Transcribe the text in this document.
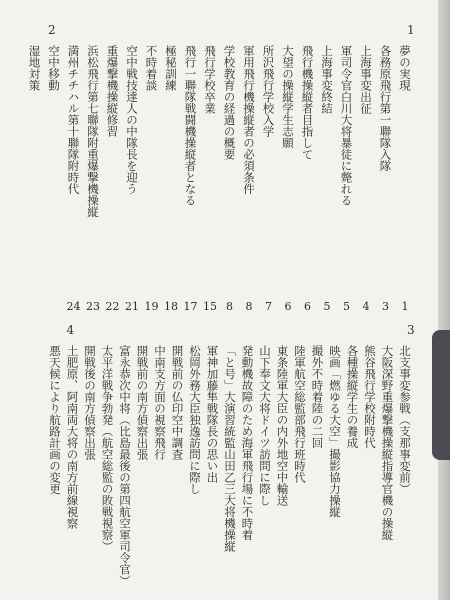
夢の実現
1
各務原飛行第一聯隊入隊
3
上海事変出征
4
軍司令官白川大将暴徒に斃れる
5
上海事変終結
5
飛行機操縦者目指して
6
大望の操縦学生志願
6
所沢飛行学校入学
7
軍用飛行機操縦者の必須条件
8
学校教育の経過の概要
8
飛行学校卒業
15
飛行一聯隊戦闘機操縦者となる
17
極秘訓練
18
不時着談
19
空中戦技達人の中隊長を迎う
21
重爆撃機操縦修習
22
浜松飛行第七聯隊附重爆撃機操縦
23
満州チチハル第十聯隊附時代
24
空中移動
湿地対策
1
2
北支事変参戦（支那事変前）
大阪深野重爆撃機操縦指導官機の操縦
熊谷飛行学校附時代
各種操縦学生の養成
映画「燃ゆる大空」撮影協力操縦
撮外不時着陸の二回
陸軍航空総監部飛行班時代
東条陸軍大臣の内外地空中輸送
山下奉文大将ドイツ訪問に際し
発動機故障のため海軍飛行場に不時着
「と号」大演習統監山田乙三大将機操縦
軍神加藤隼戦隊長の思い出
松岡外務大臣独逸訪問に際し
開戦前の仏印空中調査
中南支方面の視察飛行
開戦前の南方偵察出張
富永恭次中将（比島最後の第四航空軍司令官）
太平洋戦争勃発（航空総監の敗戦視察）
開戦後の南方偵察出張
土肥原、阿南両大将の南方前線視察
悪天候により航路計画の変更
3
4
